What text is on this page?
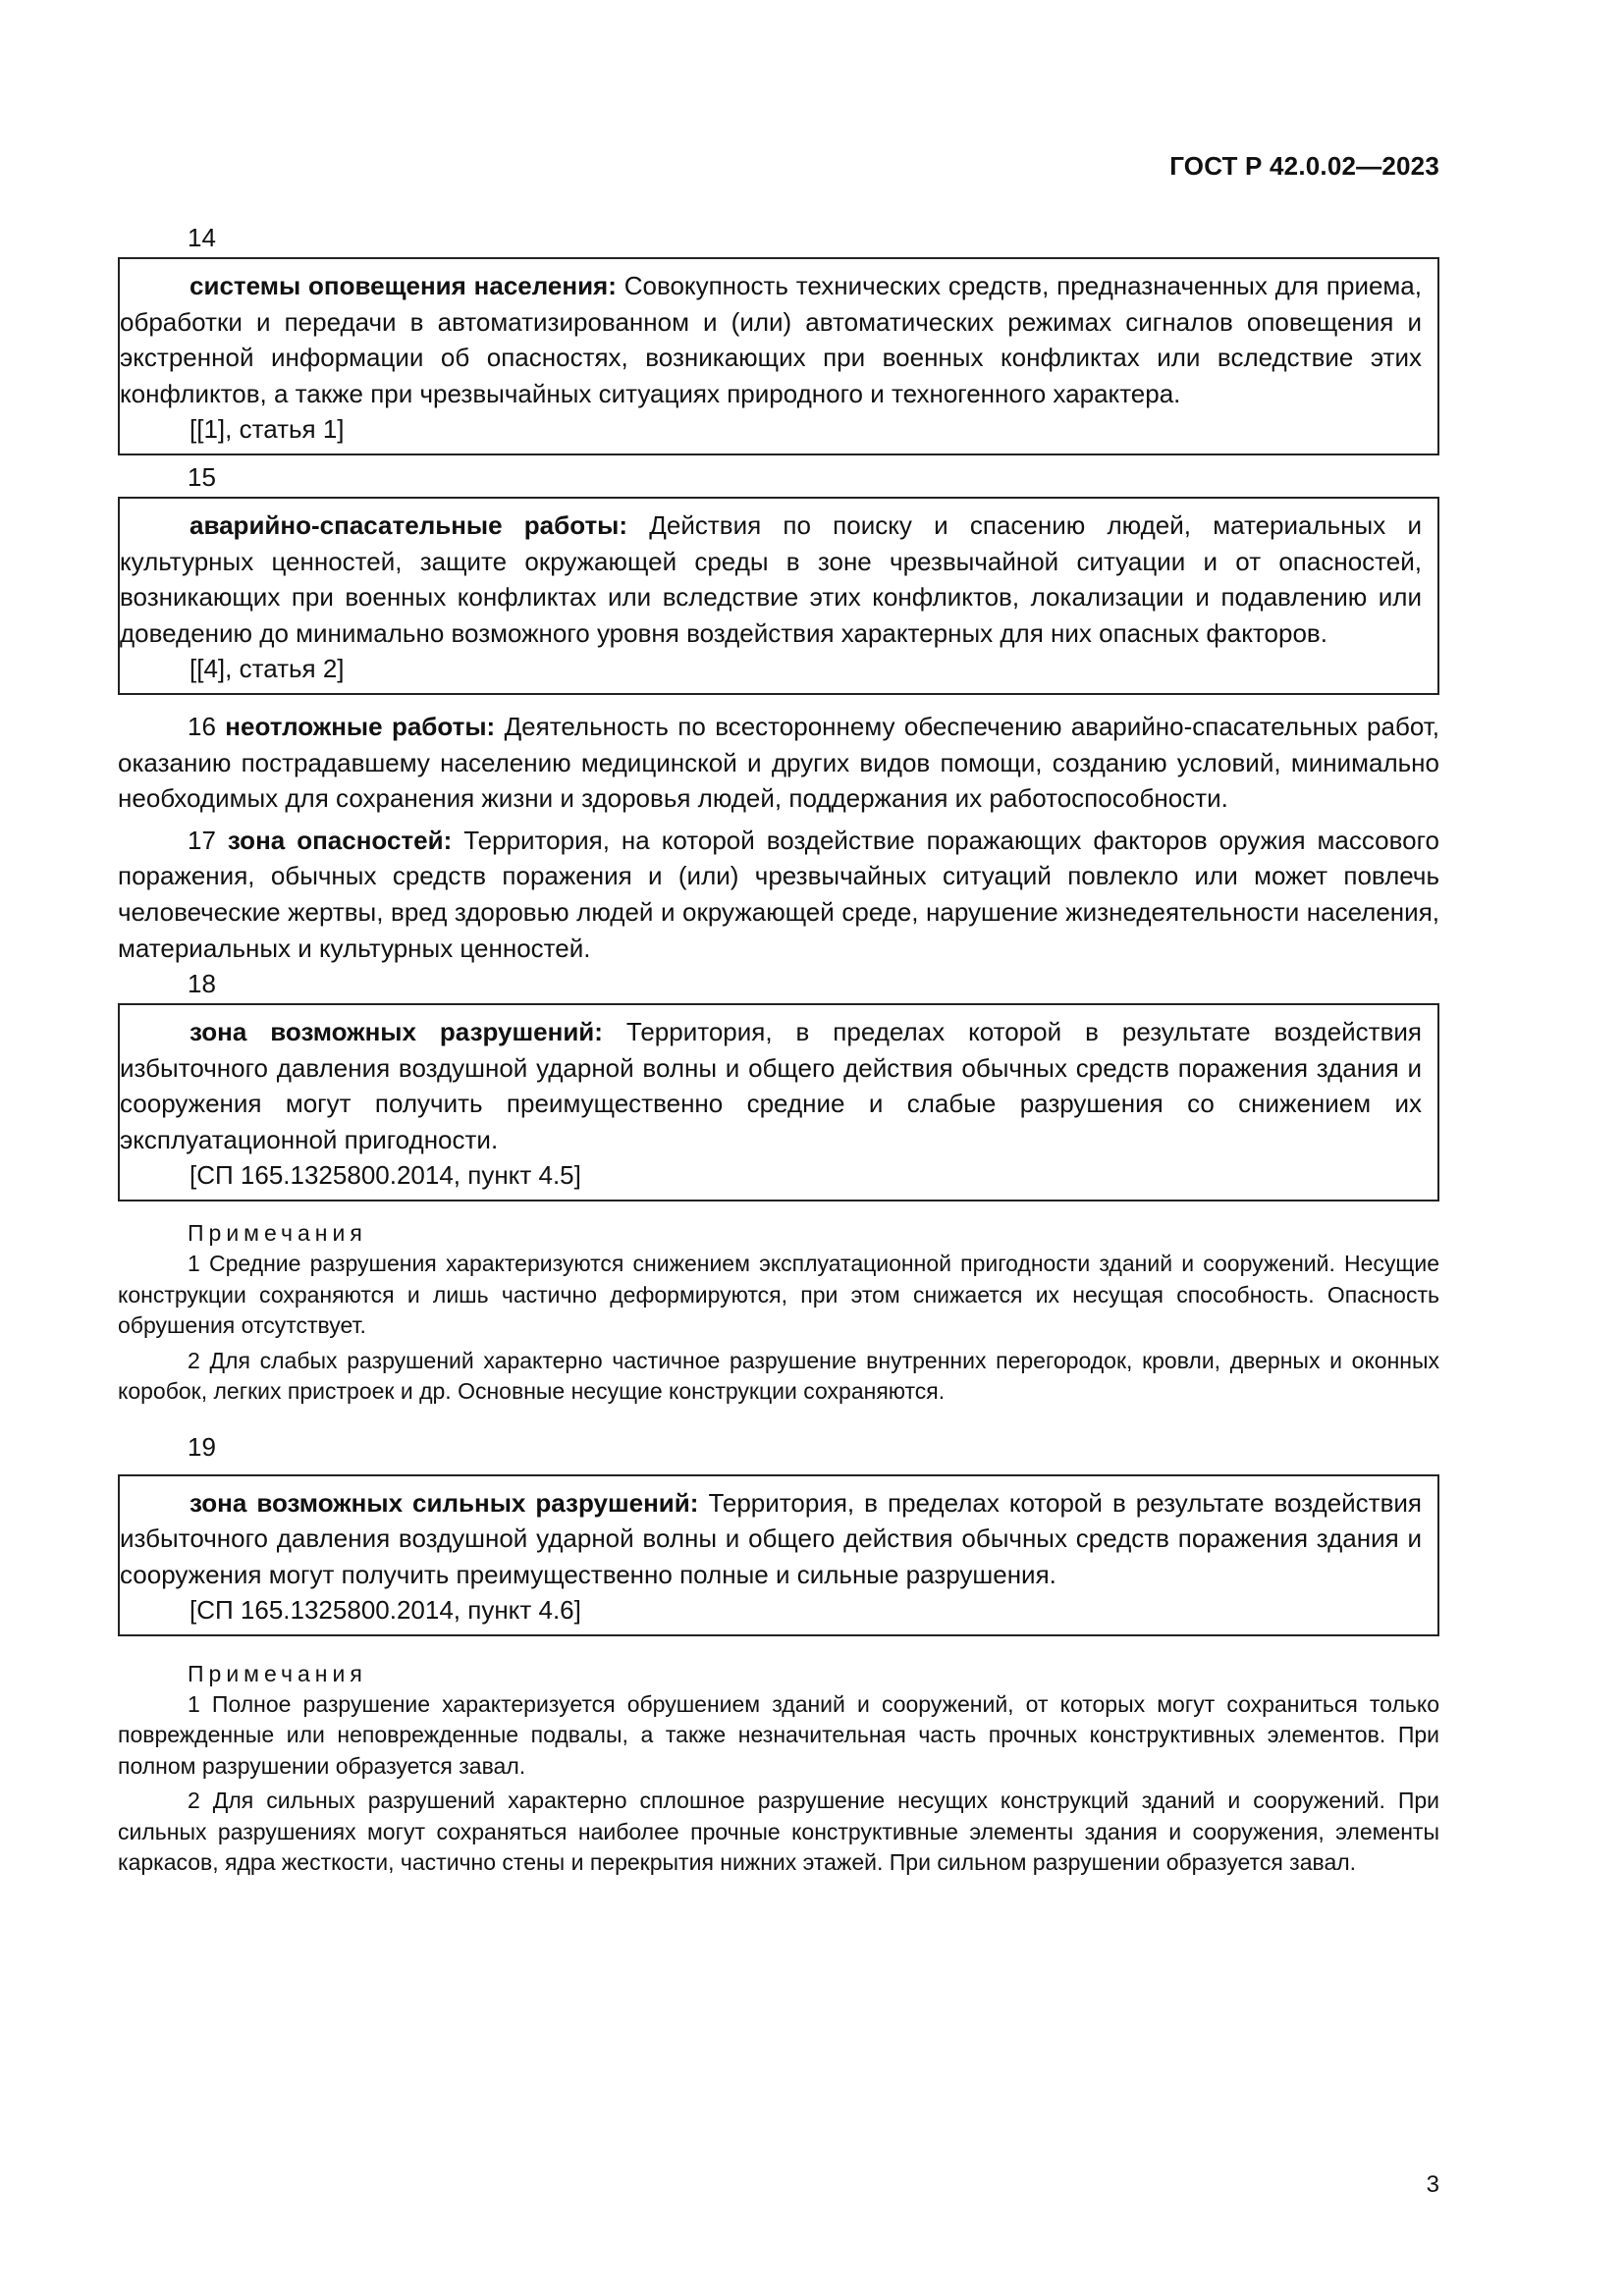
ГОСТ Р 42.0.02—2023
14

системы оповещения населения: Совокупность технических средств, предназначенных для приема, обработки и передачи в автоматизированном и (или) автоматических режимах сигналов оповещения и экстренной информации об опасностях, возникающих при военных конфликтах или вследствие этих конфликтов, а также при чрезвычайных ситуациях природного и техногенного характера.

[[1], статья 1]

15

аварийно-спасательные работы: Действия по поиску и спасению людей, материальных и культурных ценностей, защите окружающей среды в зоне чрезвычайной ситуации и от опасностей, возникающих при военных конфликтах или вследствие этих конфликтов, локализации и подавлению или доведению до минимально возможного уровня воздействия характерных для них опасных факторов.

[[4], статья 2]

16 неотложные работы: Деятельность по всестороннему обеспечению аварийно-спасательных работ, оказанию пострадавшему населению медицинской и других видов помощи, созданию условий, минимально необходимых для сохранения жизни и здоровья людей, поддержания их работоспособности.

17 зона опасностей: Территория, на которой воздействие поражающих факторов оружия массового поражения, обычных средств поражения и (или) чрезвычайных ситуаций повлекло или может повлечь человеческие жертвы, вред здоровью людей и окружающей среде, нарушение жизнедеятельности населения, материальных и культурных ценностей.

18

зона возможных разрушений: Территория, в пределах которой в результате воздействия избыточного давления воздушной ударной волны и общего действия обычных средств поражения здания и сооружения могут получить преимущественно средние и слабые разрушения со снижением их эксплуатационной пригодности.

[СП 165.1325800.2014, пункт 4.5]

Примечания

1 Средние разрушения характеризуются снижением эксплуатационной пригодности зданий и сооружений. Несущие конструкции сохраняются и лишь частично деформируются, при этом снижается их несущая способность. Опасность обрушения отсутствует.

2 Для слабых разрушений характерно частичное разрушение внутренних перегородок, кровли, дверных и оконных коробок, легких пристроек и др. Основные несущие конструкции сохраняются.

19

зона возможных сильных разрушений: Территория, в пределах которой в результате воздействия избыточного давления воздушной ударной волны и общего действия обычных средств поражения здания и сооружения могут получить преимущественно полные и сильные разрушения.

[СП 165.1325800.2014, пункт 4.6]

Примечания

1 Полное разрушение характеризуется обрушением зданий и сооружений, от которых могут сохраниться только поврежденные или неповрежденные подвалы, а также незначительная часть прочных конструктивных элементов. При полном разрушении образуется завал.

2 Для сильных разрушений характерно сплошное разрушение несущих конструкций зданий и сооружений. При сильных разрушениях могут сохраняться наиболее прочные конструктивные элементы здания и сооружения, элементы каркасов, ядра жесткости, частично стены и перекрытия нижних этажей. При сильном разрушении образуется завал.

3
